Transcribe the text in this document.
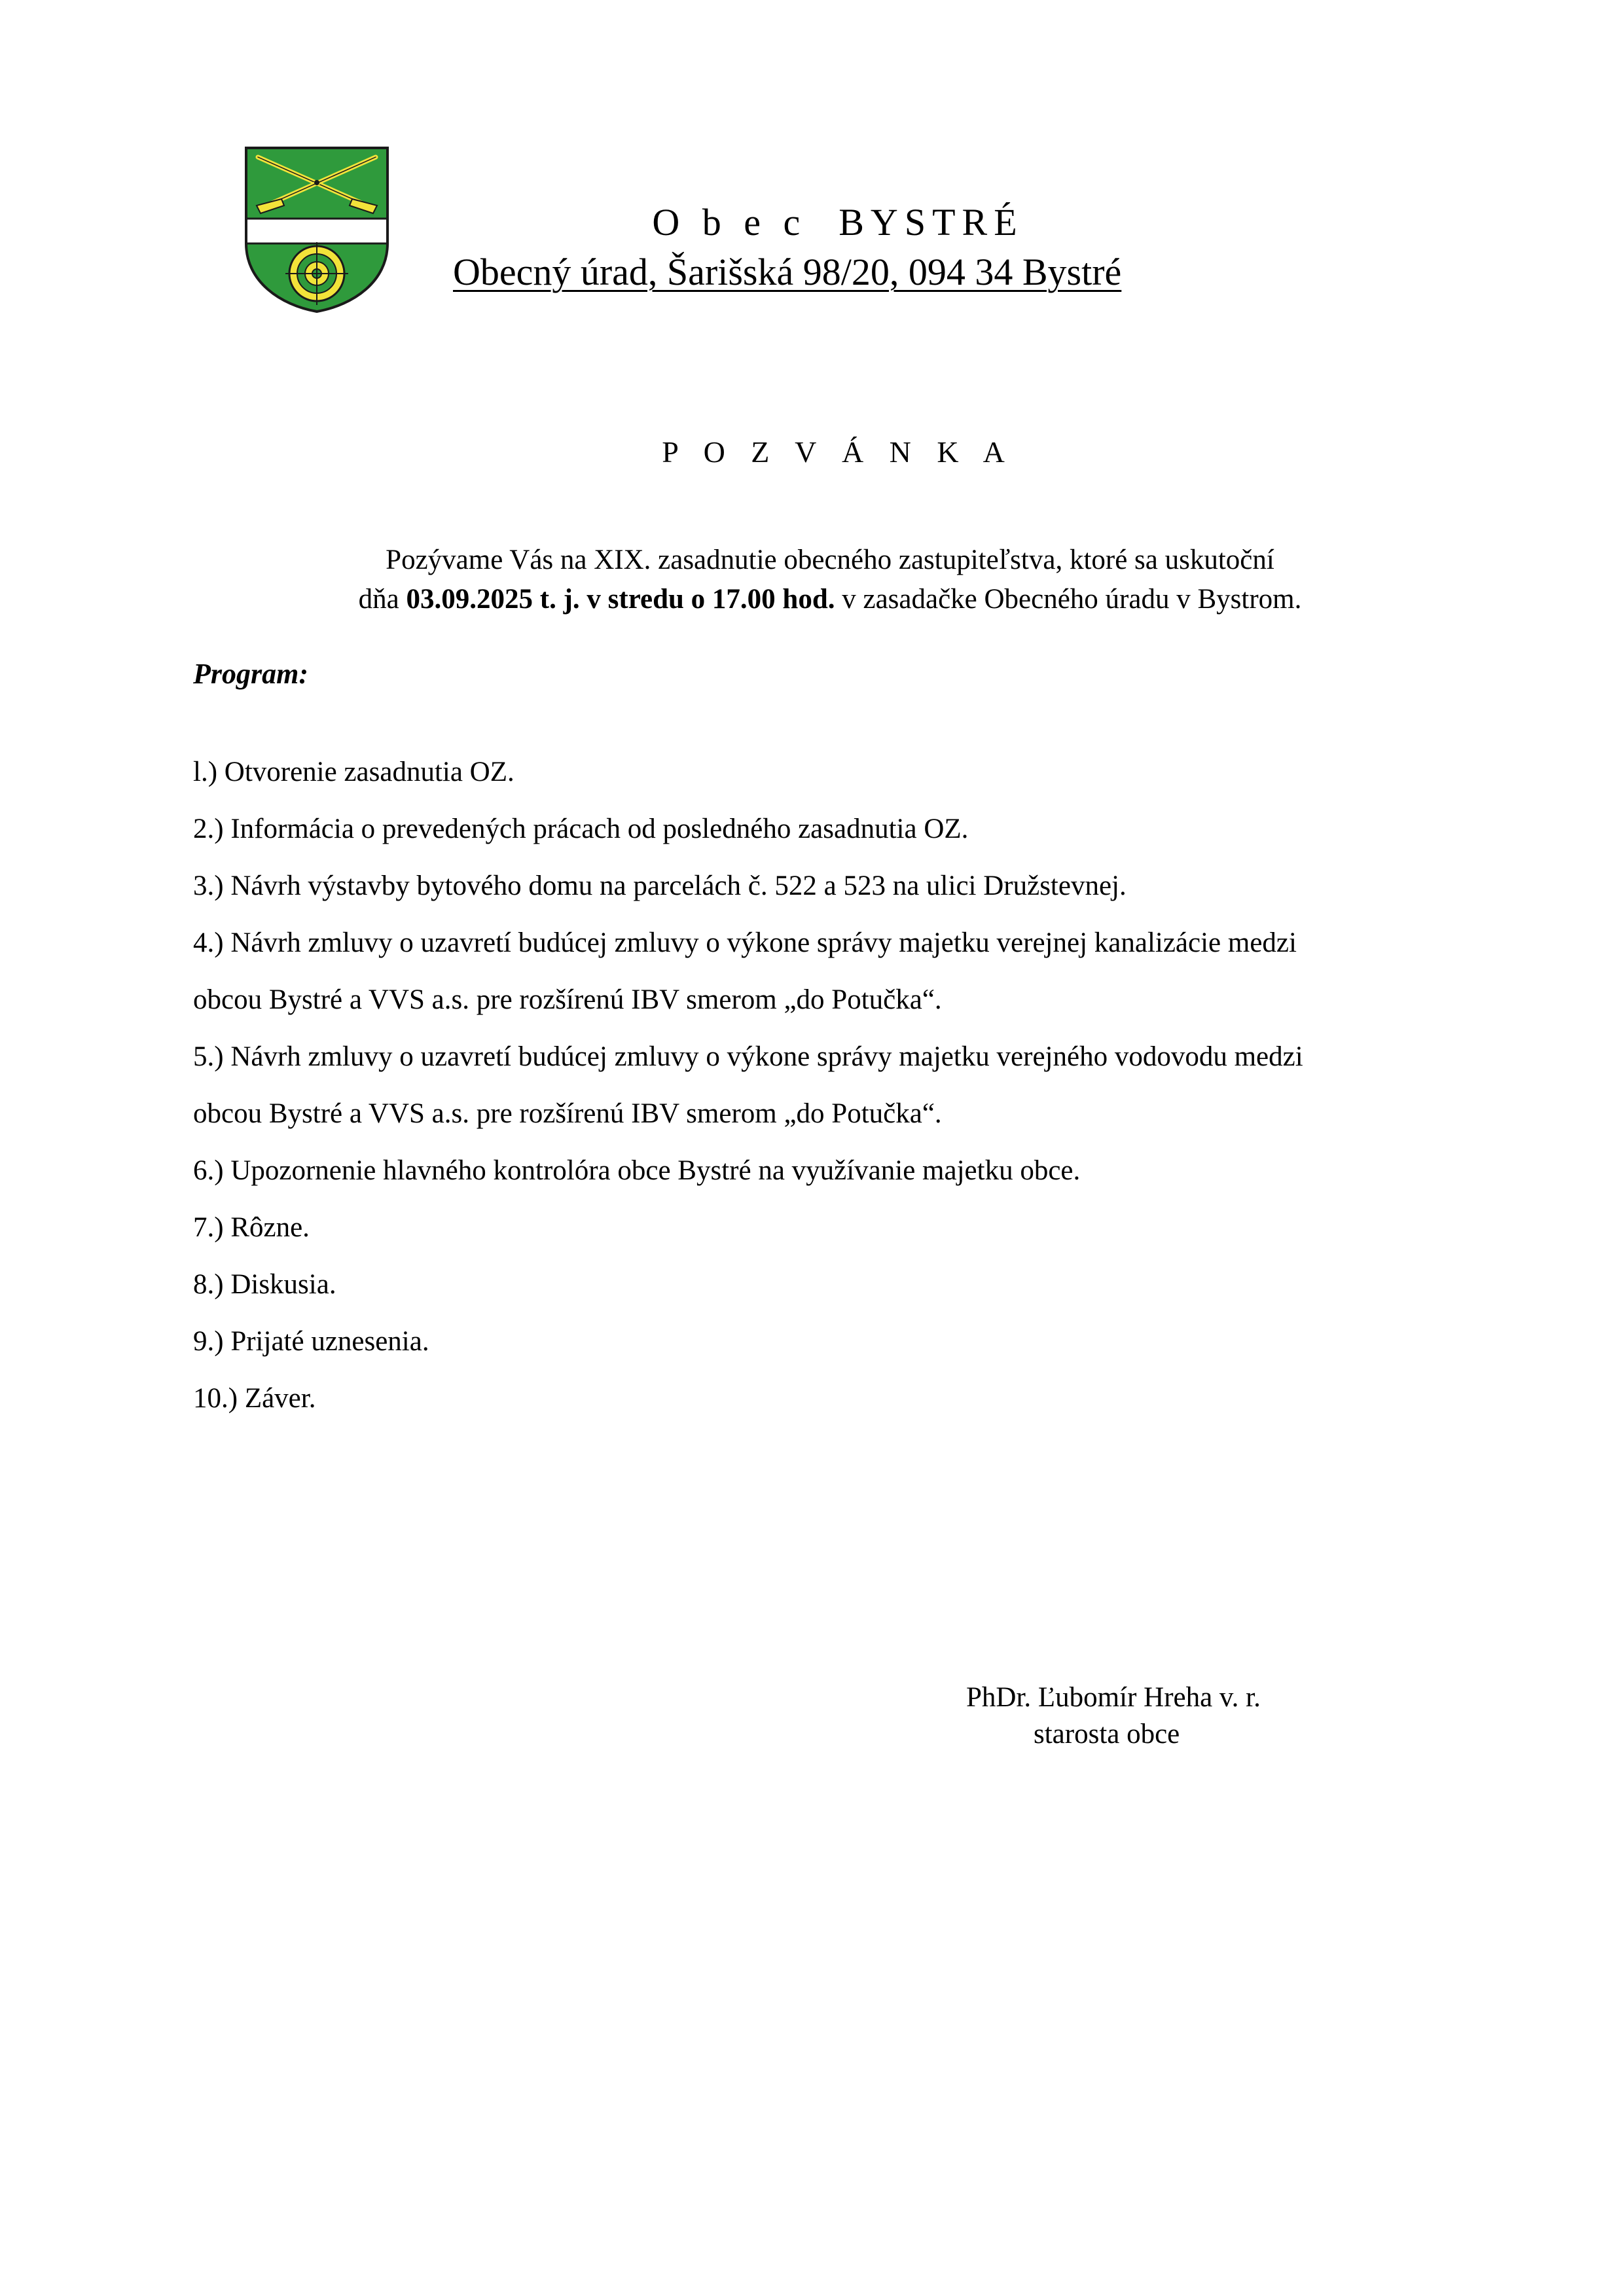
O b e c BYSTRÉ
Obecný úrad, Šarišská 98/20, 094 34 Bystré
P O Z V Á N K A
Pozývame Vás na XIX. zasadnutie obecného zastupiteľstva, ktoré sa uskutoční
dňa 03.09.2025 t. j. v stredu o 17.00 hod. v zasadačke Obecného úradu v Bystrom.
Program:
l.) Otvorenie zasadnutia OZ.
2.) Informácia o prevedených prácach od posledného zasadnutia OZ.
3.) Návrh výstavby bytového domu na parcelách č. 522 a 523 na ulici Družstevnej.
4.) Návrh zmluvy o uzavretí budúcej zmluvy o výkone správy majetku verejnej kanalizácie medzi
obcou Bystré a VVS a.s. pre rozšírenú IBV smerom „do Potučka“.
5.) Návrh zmluvy o uzavretí budúcej zmluvy o výkone správy majetku verejného vodovodu medzi
obcou Bystré a VVS a.s. pre rozšírenú IBV smerom „do Potučka“.
6.) Upozornenie hlavného kontrolóra obce Bystré na využívanie majetku obce.
7.) Rôzne.
8.) Diskusia.
9.) Prijaté uznesenia.
10.) Záver.
PhDr. Ľubomír Hreha v. r.
starosta obce
